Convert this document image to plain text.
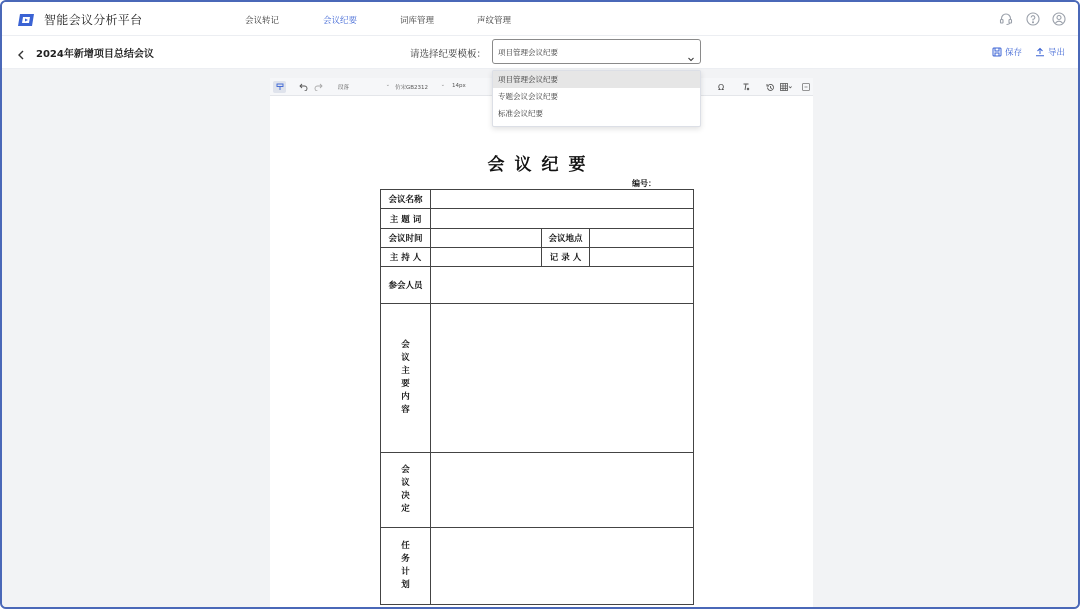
智能会议分析平台	会议转记	会议纪要	词库管理	声纹管理
2024年新增项目总结会议	请选择纪要模板： 项目管理会议纪要	保存	导出
段落	⌄ 仿宋GB2312	⌄ 14px	Ω
会议纪要
编号：
会议名称			
主 题 词			
会议时间		会议地点	
主 持 人		记 录 人	
参会人员			

会议主要内容			

会议决定			

任务计划			

项目管理会议纪要
专题会议会议纪要
标准会议纪要
